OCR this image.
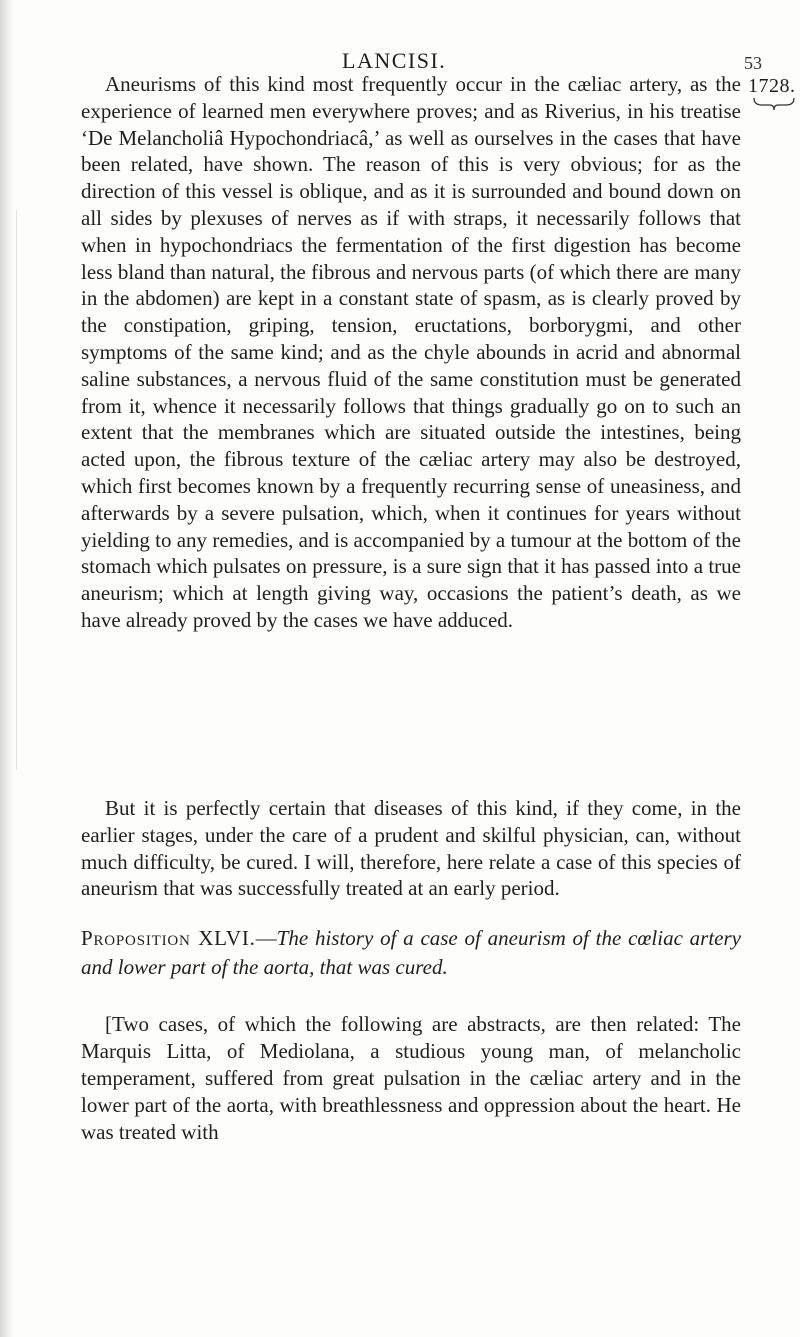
LANCISI.	53
1728.

Aneurisms of this kind most frequently occur in the cæliac artery, as the experience of learned men everywhere proves; and as Riverius, in his treatise ‘De Melancholiâ Hypochondriacâ,’ as well as ourselves in the cases that have been related, have shown. The reason of this is very obvious; for as the direction of this vessel is oblique, and as it is surrounded and bound down on all sides by plexuses of nerves as if with straps, it necessarily follows that when in hypochondriacs the fermentation of the first digestion has become less bland than natural, the fibrous and nervous parts (of which there are many in the abdomen) are kept in a constant state of spasm, as is clearly proved by the constipation, griping, tension, eructations, borborygmi, and other symptoms of the same kind; and as the chyle abounds in acrid and abnormal saline substances, a nervous fluid of the same constitution must be generated from it, whence it necessarily follows that things gradually go on to such an extent that the membranes which are situated outside the intestines, being acted upon, the fibrous texture of the cæliac artery may also be destroyed, which first becomes known by a frequently recurring sense of uneasiness, and afterwards by a severe pulsation, which, when it continues for years without yielding to any remedies, and is accompanied by a tumour at the bottom of the stomach which pulsates on pressure, is a sure sign that it has passed into a true aneurism; which at length giving way, occasions the patient’s death, as we have already proved by the cases we have adduced.

But it is perfectly certain that diseases of this kind, if they come, in the earlier stages, under the care of a prudent and skilful physician, can, without much difficulty, be cured. I will, therefore, here relate a case of this species of aneurism that was successfully treated at an early period.

Proposition XLVI.—The history of a case of aneurism of the cœliac artery and lower part of the aorta, that was cured.

[Two cases, of which the following are abstracts, are then related: The Marquis Litta, of Mediolana, a studious young man, of melancholic temperament, suffered from great pulsation in the cæliac artery and in the lower part of the aorta, with breathlessness and oppression about the heart. He was treated with
